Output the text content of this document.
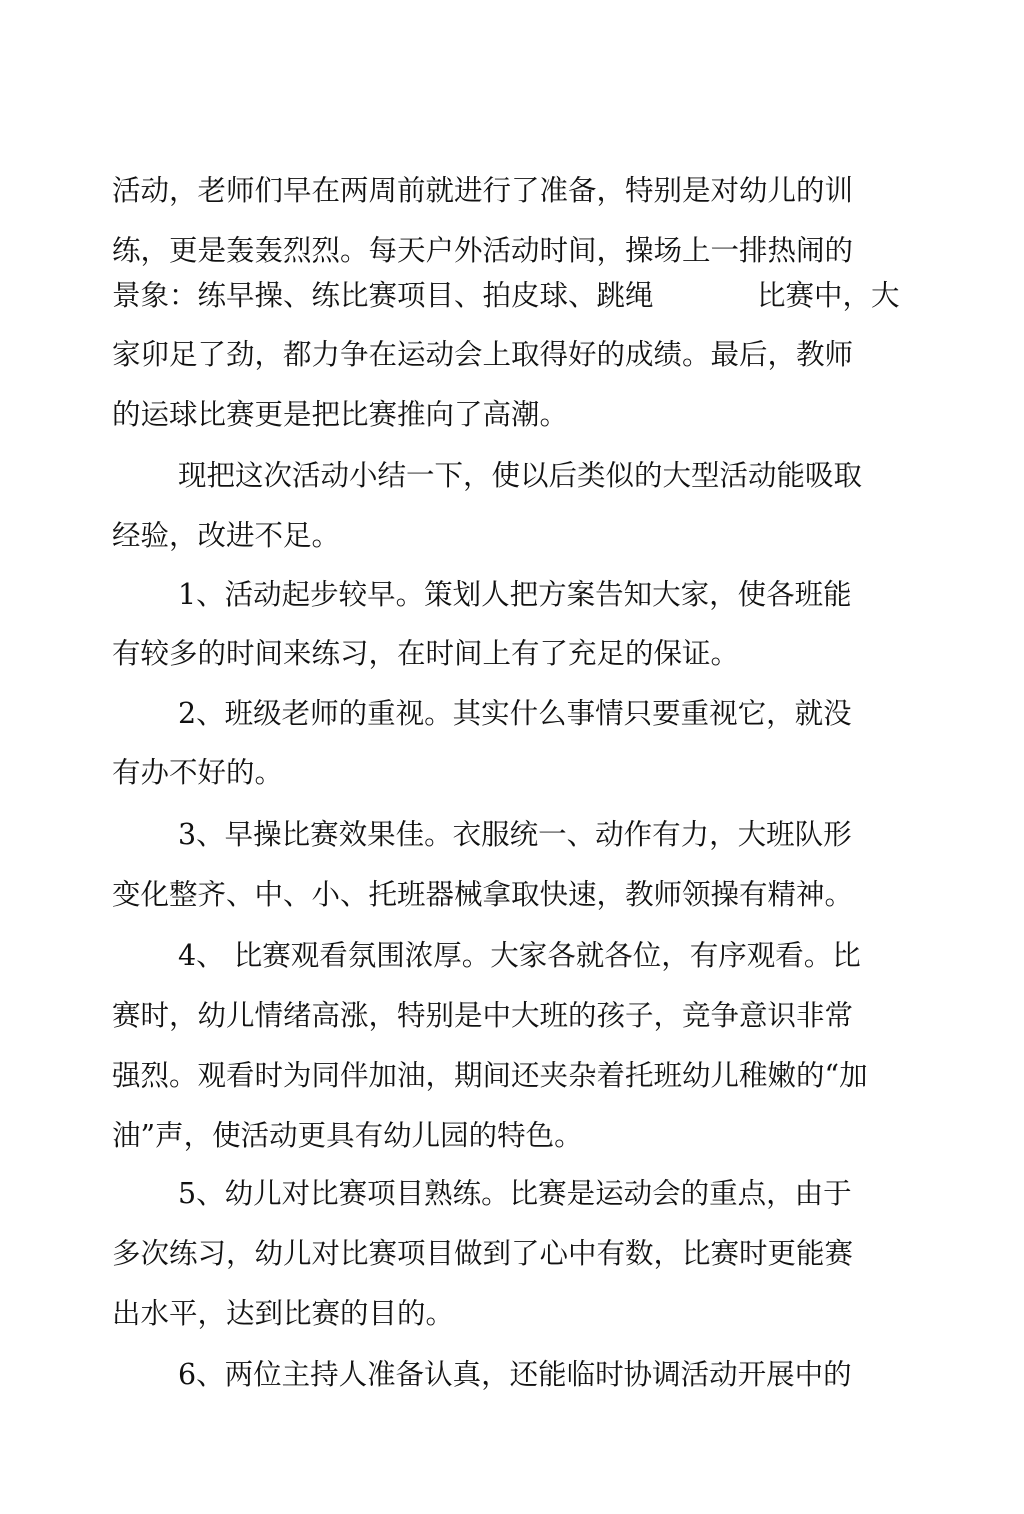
活动，老师们早在两周前就进行了准备，特别是对幼儿的训
练，更是轰轰烈烈。每天户外活动时间，操场上一排热闹的
景象：练早操、练比赛项目、拍皮球、跳绳	比赛中，大
家卯足了劲，都力争在运动会上取得好的成绩。最后，教师
的运球比赛更是把比赛推向了高潮。
现把这次活动小结一下，使以后类似的大型活动能吸取
经验，改进不足。
1、活动起步较早。策划人把方案告知大家，使各班能
有较多的时间来练习，在时间上有了充足的保证。
2、班级老师的重视。其实什么事情只要重视它，就没
有办不好的。
3、早操比赛效果佳。衣服统一、动作有力，大班队形
变化整齐、中、小、托班器械拿取快速，教师领操有精神。
4、 比赛观看氛围浓厚。大家各就各位，有序观看。比
赛时，幼儿情绪高涨，特别是中大班的孩子，竞争意识非常
强烈。观看时为同伴加油，期间还夹杂着托班幼儿稚嫩的“加
油”声，使活动更具有幼儿园的特色。
5、幼儿对比赛项目熟练。比赛是运动会的重点，由于
多次练习，幼儿对比赛项目做到了心中有数，比赛时更能赛
出水平，达到比赛的目的。
6、两位主持人准备认真，还能临时协调活动开展中的
